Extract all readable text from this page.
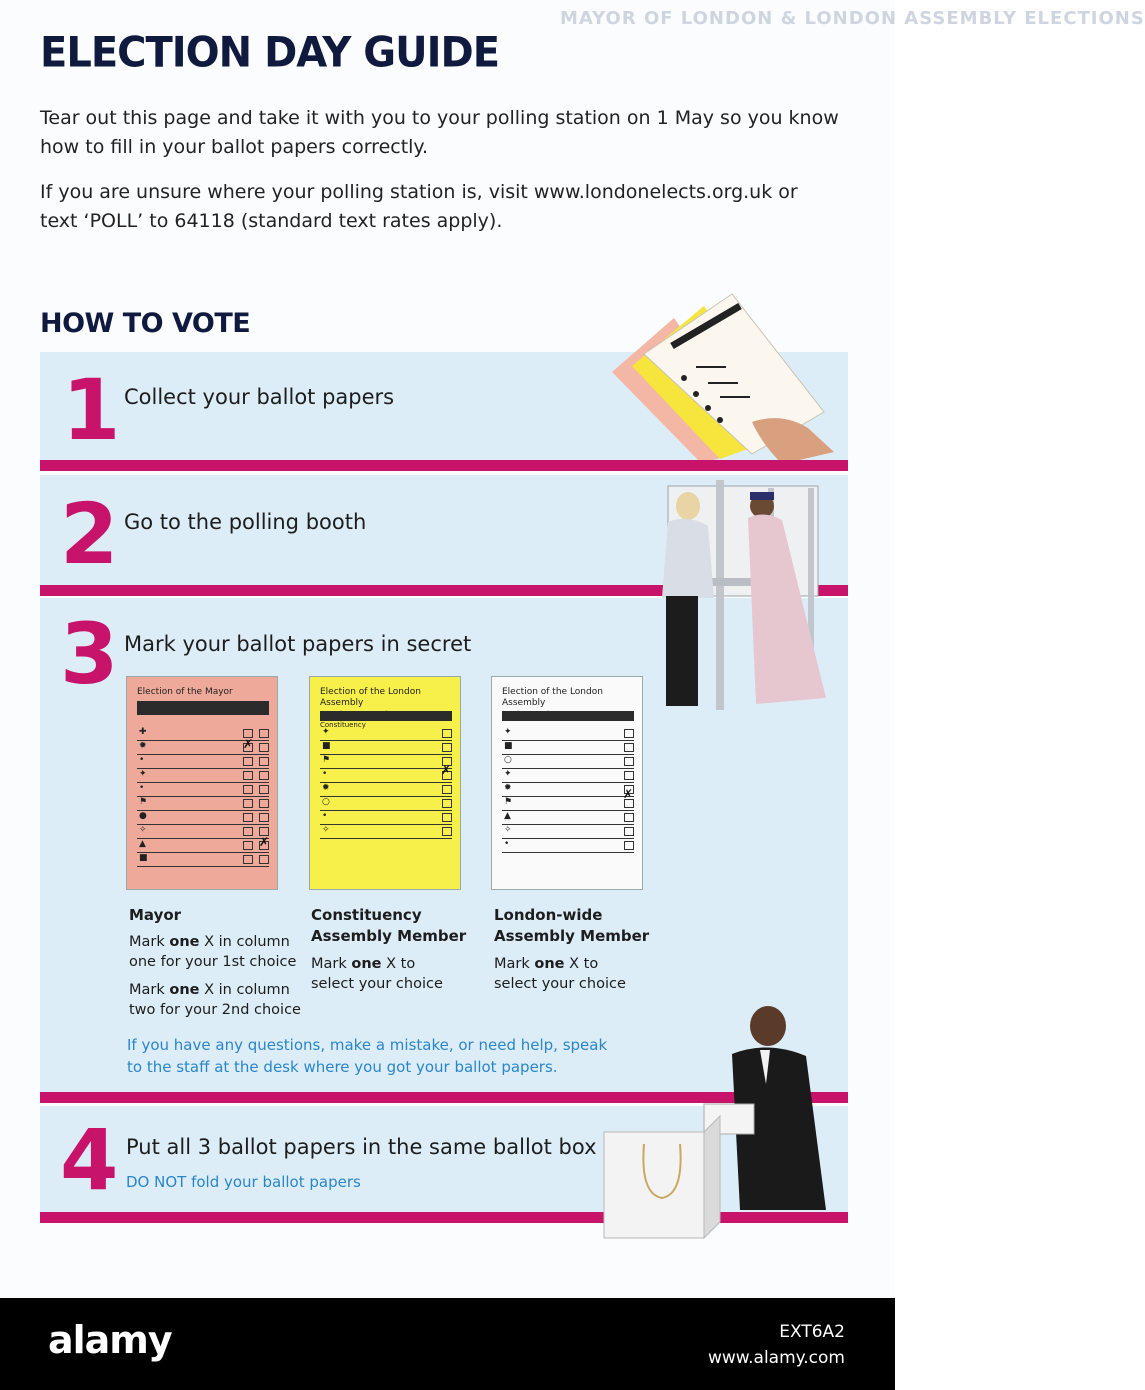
MAYOR OF LONDON & LONDON ASSEMBLY ELECTIONS
ELECTION DAY GUIDE
Tear out this page and take it with you to your polling station on 1 May so you know how to fill in your ballot papers correctly.
If you are unsure where your polling station is, visit www.londonelects.org.uk or text ‘POLL’ to 64118 (standard text rates apply).
HOW TO VOTE
1 Collect your ballot papers
2 Go to the polling booth
3 Mark your ballot papers in secret
Election of the Mayor
✚
✹
•
✦
•
⚑
●
✧
▲
■
✗
✗
Election of the London Assembly
Constituency
✦
■
⚑
•
✹
○
•
✧
✗
Election of the London Assembly
✦
■
○
✦
✹
⚑
▲
✧
•
✗
Mayor
Mark one X in column one for your 1st choice
Mark one X in column two for your 2nd choice
Constituency Assembly Member
Mark one X to select your choice
London-wide Assembly Member
Mark one X to select your choice
If you have any questions, make a mistake, or need help, speak to the staff at the desk where you got your ballot papers.
4 Put all 3 ballot papers in the same ballot box
DO NOT fold your ballot papers
alamy	EXT6A2
www.alamy.com
